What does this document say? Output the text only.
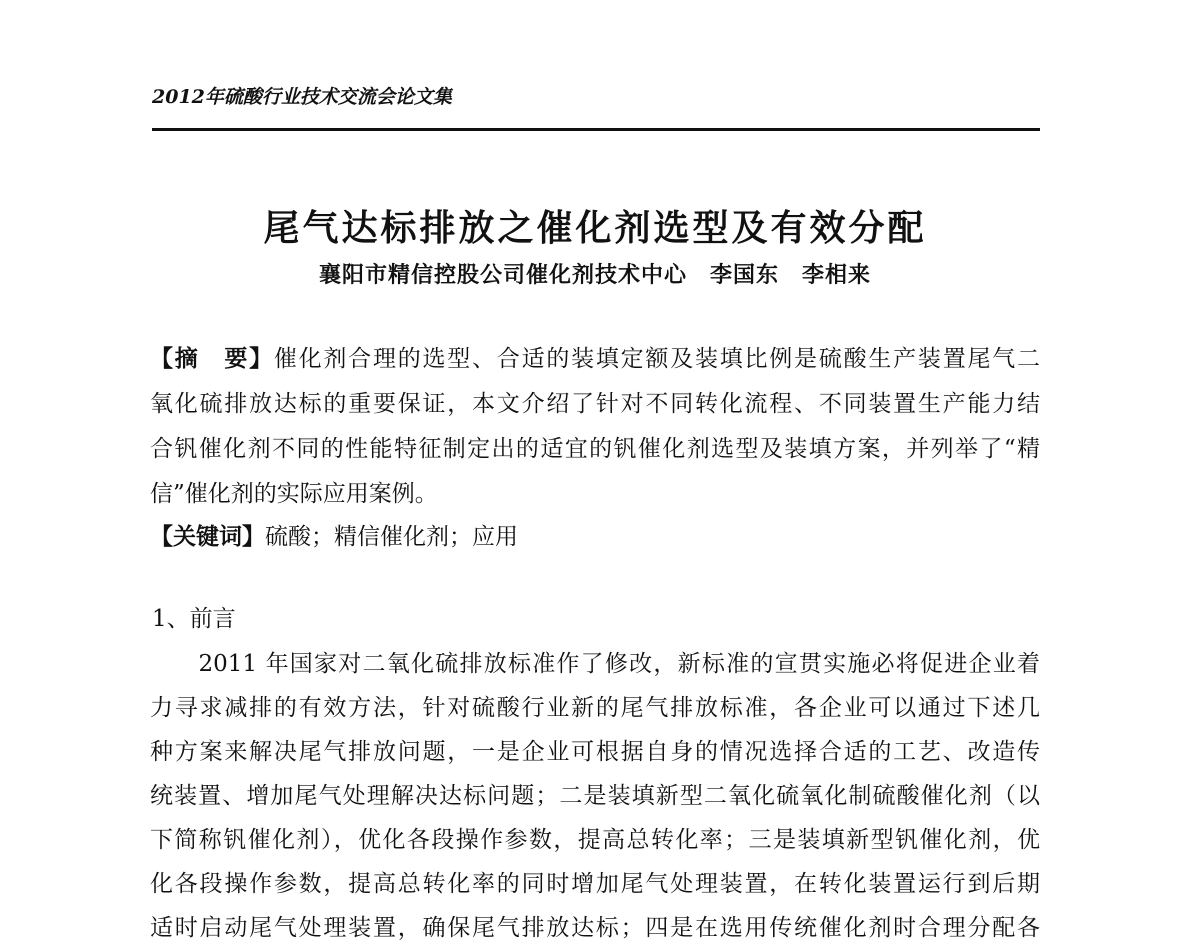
2012年硫酸行业技术交流会论文集
尾气达标排放之催化剂选型及有效分配
襄阳市精信控股公司催化剂技术中心　李国东　李相来
【摘　要】催化剂合理的选型、合适的装填定额及装填比例是硫酸生产装置尾气二
氧化硫排放达标的重要保证，本文介绍了针对不同转化流程、不同装置生产能力结
合钒催化剂不同的性能特征制定出的适宜的钒催化剂选型及装填方案，并列举了“精
信”催化剂的实际应用案例。
【关键词】硫酸；精信催化剂；应用
1、前言
　　2011 年国家对二氧化硫排放标准作了修改，新标准的宣贯实施必将促进企业着
力寻求减排的有效方法，针对硫酸行业新的尾气排放标准，各企业可以通过下述几
种方案来解决尾气排放问题，一是企业可根据自身的情况选择合适的工艺、改造传
统装置、增加尾气处理解决达标问题；二是装填新型二氧化硫氧化制硫酸催化剂（以
下简称钒催化剂），优化各段操作参数，提高总转化率；三是装填新型钒催化剂，优
化各段操作参数，提高总转化率的同时增加尾气处理装置，在转化装置运行到后期
适时启动尾气处理装置，确保尾气排放达标；四是在选用传统催化剂时合理分配各
